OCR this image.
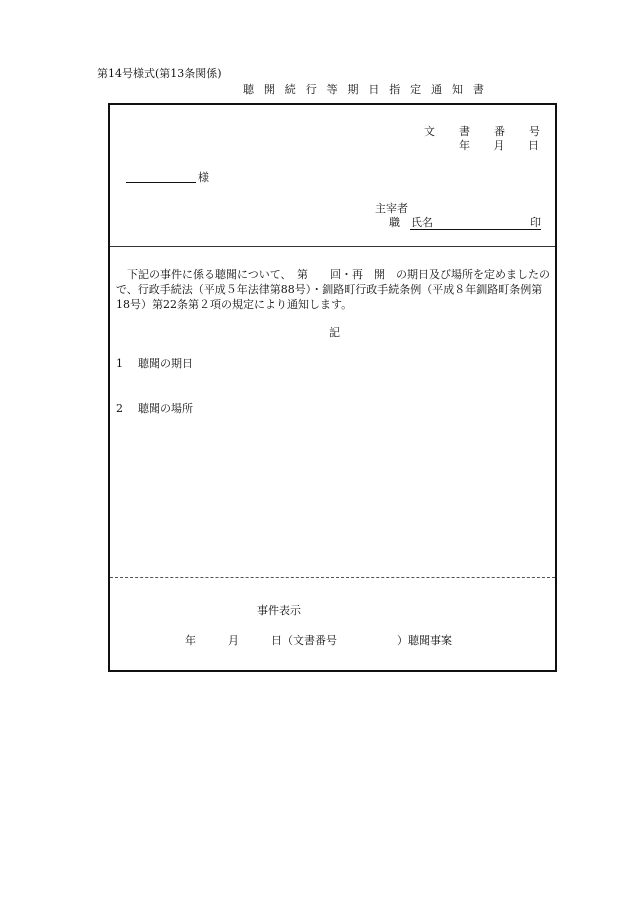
第14号様式(第13条関係)
聴 開 続 行 等 期 日 指 定 通 知 書
文 書 番 号
年 月 日
様
主宰者
職 氏名	印
下記の事件に係る聴聞について、　第　　回・再　開　の期日及び場所を定めましたので、行政手続法（平成５年法律第88号）・釧路町行政手続条例（平成８年釧路町条例第18号）第22条第２項の規定により通知します。
記
1 聴聞の期日
2 聴聞の場所
事件表示
年	月	日（文書番号	）聴聞事案
